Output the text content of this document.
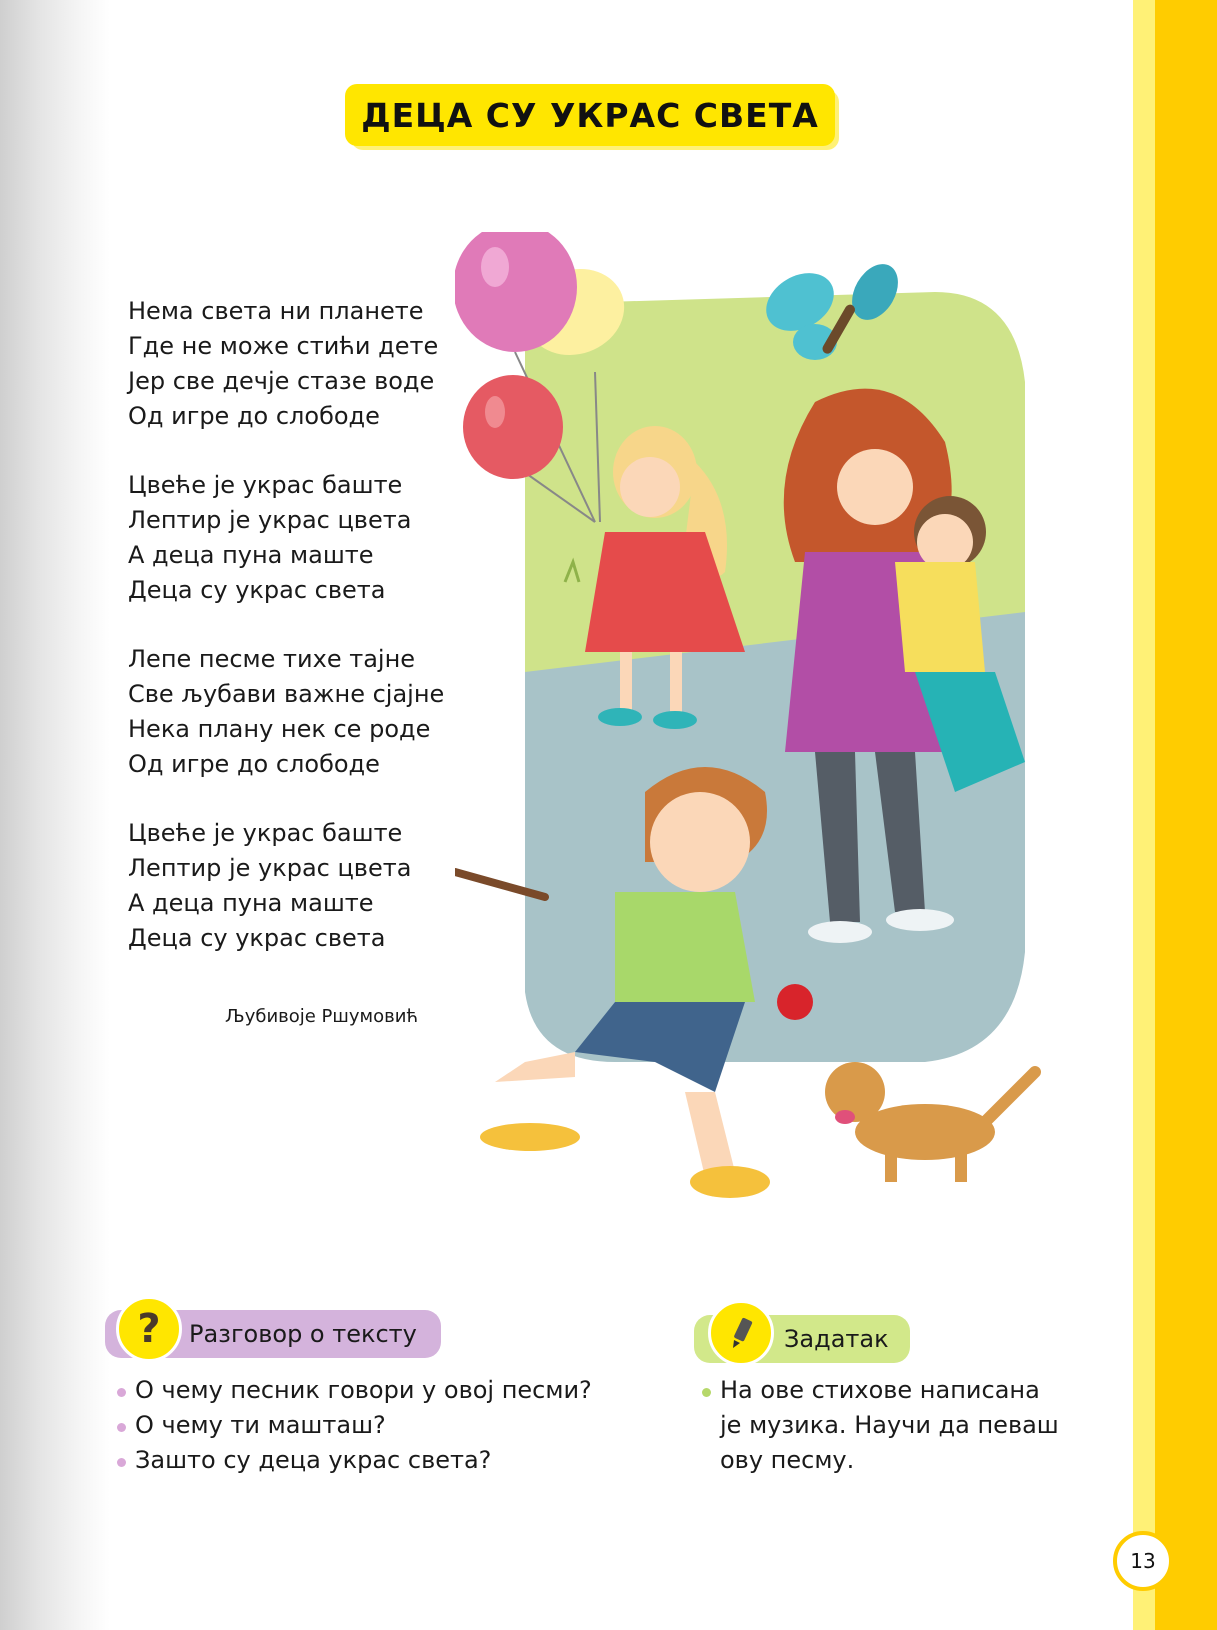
ДЕЦА СУ УКРАС СВЕТА
Нема света ни планете
Где не може стићи дете
Јер све дечје стазе воде
Од игре до слободе
Цвеће је украс баште
Лептир је украс цвета
А деца пуна маште
Деца су украс света
Лепе песме тихе тајне
Све љубави важне сјајне
Нека плану нек се роде
Од игре до слободе
Цвеће је украс баште
Лептир је украс цвета
А деца пуна маште
Деца су украс света
Љубивоје Ршумовић
Разговор о тексту
?
О чему песник говори у овој песми?
О чему ти машташ?
Зашто су деца украс света?
Задатак
На ове стихове написана
је музика. Научи да певаш
ову песму.
13
